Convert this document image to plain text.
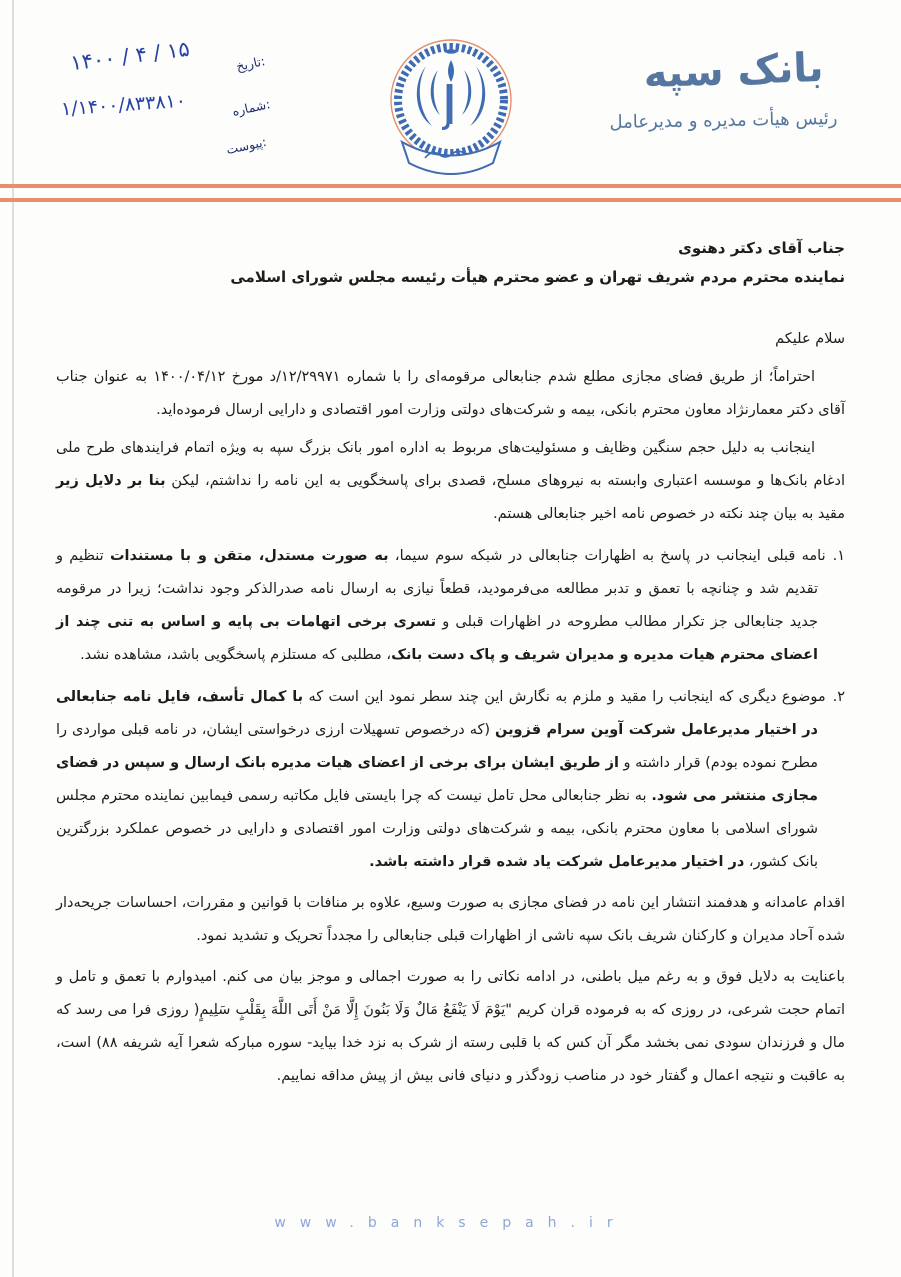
تاریخ:
۱۴۰۰ / ۴ / ۱۵
شماره:
۱/۱۴۰۰/۸۳۳۸۱۰
پیوست:
بانک سپه
رئیس هیأت مدیره و مدیرعامل
جناب آقای دکتر دهنوی
نماینده محترم مردم شریف تهران و عضو محترم هیأت رئیسه مجلس شورای اسلامی
سلام علیکم
احتراماً؛ از طریق فضای مجازی مطلع شدم جنابعالی مرقومه‌ای را با شماره ۱۲/۲۹۹۷۱/د مورخ ۱۴۰۰/۰۴/۱۲ به عنوان جناب آقای دکتر معمارنژاد معاون محترم بانکی، بیمه و شرکت‌های دولتی وزارت امور اقتصادی و دارایی ارسال فرموده‌اید.
اینجانب به دلیل حجم سنگین وظایف و مسئولیت‌های مربوط به اداره امور بانک بزرگ سپه به ویژه اتمام فرایندهای طرح ملی ادغام بانک‌ها و موسسه اعتباری وابسته به نیروهای مسلح، قصدی برای پاسخگویی به این نامه را نداشتم، لیکن بنا بر دلایل زیر مقید به بیان چند نکته در خصوص نامه اخیر جنابعالی هستم.
۱.نامه قبلی اینجانب در پاسخ به اظهارات جنابعالی در شبکه سوم سیما، به صورت مستدل، متقن و با مستندات تنظیم و تقدیم شد و چنانچه با تعمق و تدبر مطالعه می‌فرمودید، قطعاً نیازی به ارسال نامه صدرالذکر وجود نداشت؛ زیرا در مرقومه جدید جنابعالی جز تکرار مطالب مطروحه در اظهارات قبلی و تسری برخی اتهامات بی پایه و اساس به تنی چند از اعضای محترم هیات مدیره و مدیران شریف و پاک دست بانک، مطلبی که مستلزم پاسخگویی باشد، مشاهده نشد.
۲.موضوع دیگری که اینجانب را مقید و ملزم به نگارش این چند سطر نمود این است که با کمال تأسف، فایل نامه جنابعالی در اختیار مدیرعامل شرکت آوین سرام قزوین (که درخصوص تسهیلات ارزی درخواستی ایشان، در نامه قبلی مواردی را مطرح نموده بودم) قرار داشته و از طریق ایشان برای برخی از اعضای هیات مدیره بانک ارسال و سپس در فضای مجازی منتشر می شود. به نظر جنابعالی محل تامل نیست که چرا بایستی فایل مکاتبه رسمی فیمابین نماینده محترم مجلس شورای اسلامی با معاون محترم بانکی، بیمه و شرکت‌های دولتی وزارت امور اقتصادی و دارایی در خصوص عملکرد بزرگترین بانک کشور، در اختیار مدیرعامل شرکت یاد شده قرار داشته باشد.
اقدام عامدانه و هدفمند انتشار این نامه در فضای مجازی به صورت وسیع، علاوه بر منافات با قوانین و مقررات، احساسات جریحه‌دار شده آحاد مدیران و کارکنان شریف بانک سپه ناشی از اظهارات قبلی جنابعالی را مجدداً تحریک و تشدید نمود.
باعنایت به دلایل فوق و به رغم میل باطنی، در ادامه نکاتی را به صورت اجمالی و موجز بیان می کنم. امیدوارم با تعمق و تامل و اتمام حجت شرعی، در روزی که به فرموده قران کریم "یَوْمَ لَا یَنْفَعُ مَالٌ وَلَا بَنُونَ إِلَّا مَنْ أَتَی اللَّهَ بِقَلْبٍ سَلِیمٍ( روزی فرا می رسد که مال و فرزندان سودی نمی بخشد مگر آن کس که با قلبی رسته از شرک به نزد خدا بیاید- سوره مبارکه شعرا آیه شریفه ۸۸) است، به عاقبت و نتیجه اعمال و گفتار خود در مناصب زودگذر و دنیای فانی بیش از پیش مداقه نماییم.
www.banksepah.ir
